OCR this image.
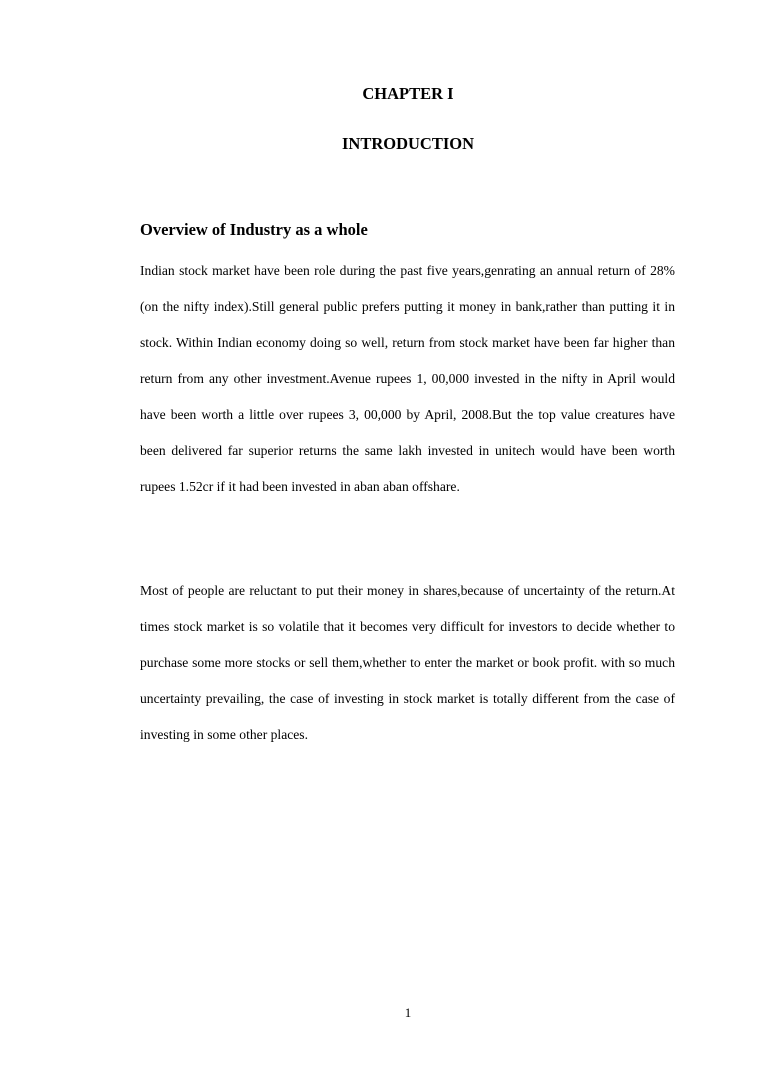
CHAPTER I
INTRODUCTION
Overview of Industry as a whole

Indian stock market have been role during the past five years,genrating an annual return of 28%(on the nifty index).Still general public prefers putting it money in bank,rather than putting it in stock. Within Indian economy doing so well, return from stock market have been far higher than return from any other investment.Avenue rupees 1, 00,000 invested in the nifty in April would have been worth a little over rupees 3, 00,000 by April, 2008.But the top value creatures have been delivered far superior returns the same lakh invested in unitech would have been worth rupees 1.52cr if it had been invested in aban aban offshare.

Most of people are reluctant to put their money in shares,because of uncertainty of the return.At times stock market is so volatile that it becomes very difficult for investors to decide whether to purchase some more stocks or sell them,whether to enter the market or book profit. with so much uncertainty prevailing, the case of investing in stock market is totally different from the case of investing in some other places.

1
